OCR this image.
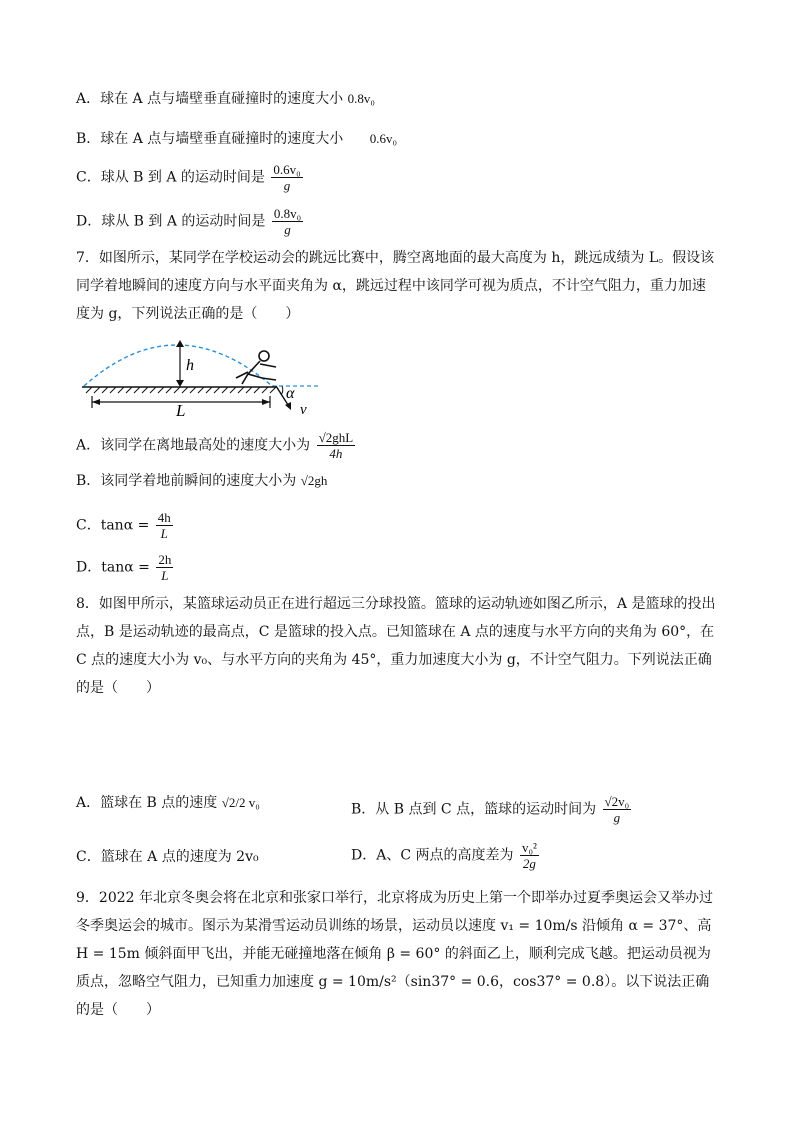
A．球在 A 点与墙壁垂直碰撞时的速度大小 0.8v₀
B．球在 A 点与墙壁垂直碰撞时的速度大小 0.6v₀
C．球从 B 到 A 的运动时间是 $\frac{\text{0.6v₀}}{g}$
D．球从 B 到 A 的运动时间是 $\frac{\text{0.8v₀}}{g}$
7．如图所示，某同学在学校运动会的跳远比赛中，腾空离地面的最大高度为 h，跳远成绩为 L。假设该同学着地瞬间的速度方向与水平面夹角为 α，跳远过程中该同学可视为质点，不计空气阻力，重力加速度为 g，下列说法正确的是（　　）
h
L
α
v
A．该同学在离地最高处的速度大小为 $\frac{\text{√2ghL}}{4h}$
B．该同学着地前瞬间的速度大小为 √2gh
C．$\tan\alpha = \frac{4h}{L}$
D．$\tan\alpha = \frac{2h}{L}$
8．如图甲所示，某篮球运动员正在进行超远三分球投篮。篮球的运动轨迹如图乙所示，A 是篮球的投出点，B 是运动轨迹的最高点，C 是篮球的投入点。已知篮球在 A 点的速度与水平方向的夹角为 60°，在 C 点的速度大小为 v₀、与水平方向的夹角为 45°，重力加速度大小为 g，不计空气阻力。下列说法正确的是（　　）
A．篮球在 B 点的速度 √2/2 v₀	B．从 B 点到 C 点，篮球的运动时间为 $\frac{\text{√2v₀}}{g}$
C．篮球在 A 点的速度为 2v₀	D．A、C 两点的高度差为 $\frac{\text{v₀²}}{2g}$
9．2022 年北京冬奥会将在北京和张家口举行，北京将成为历史上第一个即举办过夏季奥运会又举办过冬季奥运会的城市。图示为某滑雪运动员训练的场景，运动员以速度 v₁ = 10m/s 沿倾角 α = 37°、高 H = 15m 倾斜面甲飞出，并能无碰撞地落在倾角 β = 60° 的斜面乙上，顺利完成飞越。把运动员视为质点，忽略空气阻力，已知重力加速度 g = 10m/s²（sin37° = 0.6，cos37° = 0.8）。以下说法正确的是（　　）
